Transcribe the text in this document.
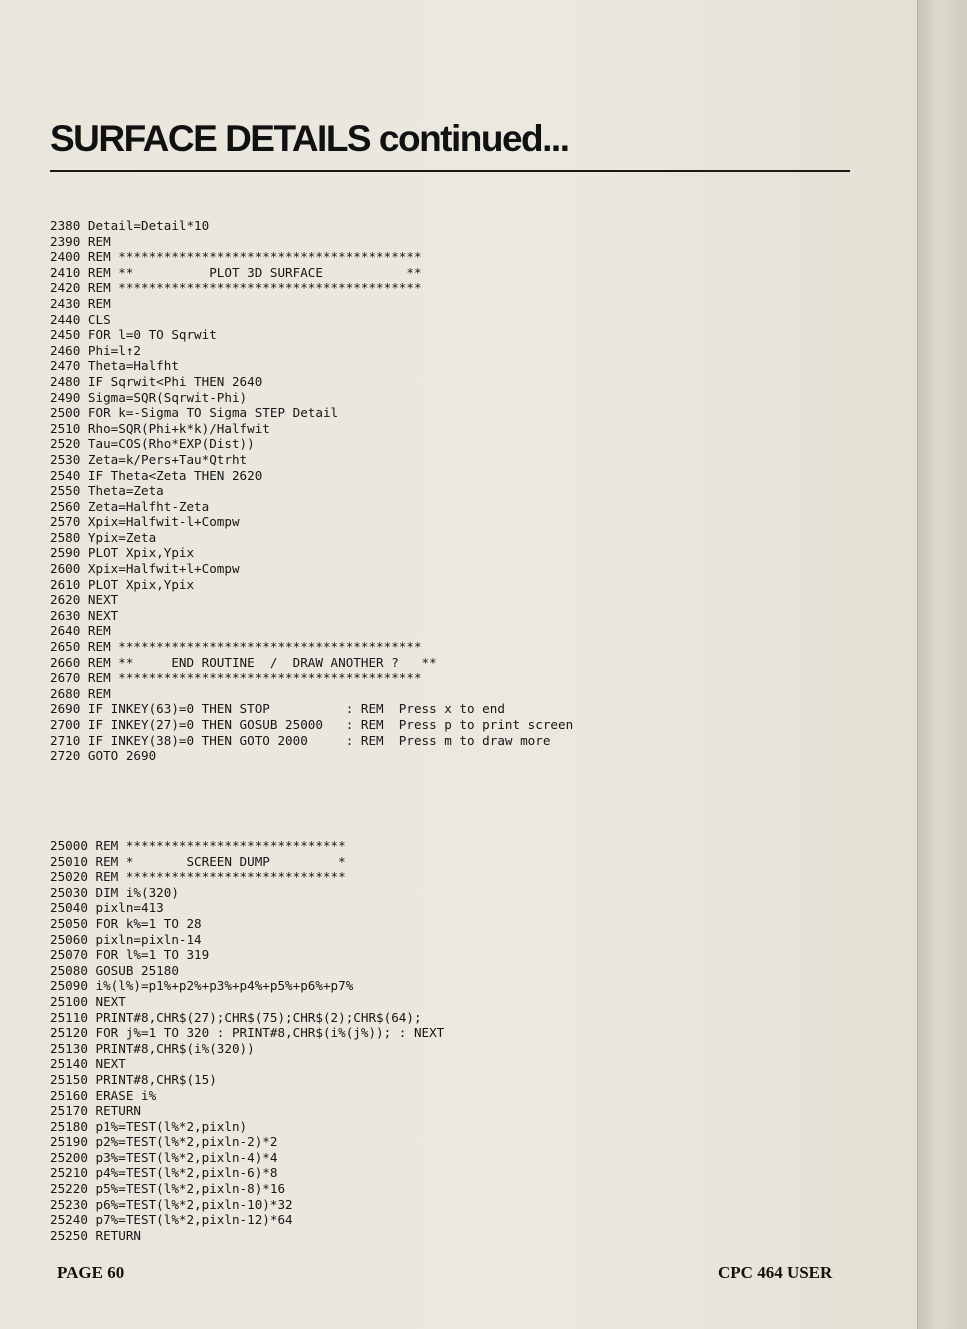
SURFACE DETAILS continued...
2380 Detail=Detail*10
2390 REM
2400 REM ****************************************
2410 REM **          PLOT 3D SURFACE           **
2420 REM ****************************************
2430 REM
2440 CLS
2450 FOR l=0 TO Sqrwit
2460 Phi=l↑2
2470 Theta=Halfht
2480 IF Sqrwit<Phi THEN 2640
2490 Sigma=SQR(Sqrwit-Phi)
2500 FOR k=-Sigma TO Sigma STEP Detail
2510 Rho=SQR(Phi+k*k)/Halfwit
2520 Tau=COS(Rho*EXP(Dist))
2530 Zeta=k/Pers+Tau*Qtrht
2540 IF Theta<Zeta THEN 2620
2550 Theta=Zeta
2560 Zeta=Halfht-Zeta
2570 Xpix=Halfwit-l+Compw
2580 Ypix=Zeta
2590 PLOT Xpix,Ypix
2600 Xpix=Halfwit+l+Compw
2610 PLOT Xpix,Ypix
2620 NEXT
2630 NEXT
2640 REM
2650 REM ****************************************
2660 REM **     END ROUTINE  /  DRAW ANOTHER ?   **
2670 REM ****************************************
2680 REM
2690 IF INKEY(63)=0 THEN STOP          : REM  Press x to end
2700 IF INKEY(27)=0 THEN GOSUB 25000   : REM  Press p to print screen
2710 IF INKEY(38)=0 THEN GOTO 2000     : REM  Press m to draw more
2720 GOTO 2690
25000 REM *****************************
25010 REM *       SCREEN DUMP         *
25020 REM *****************************
25030 DIM i%(320)
25040 pixln=413
25050 FOR k%=1 TO 28
25060 pixln=pixln-14
25070 FOR l%=1 TO 319
25080 GOSUB 25180
25090 i%(l%)=p1%+p2%+p3%+p4%+p5%+p6%+p7%
25100 NEXT
25110 PRINT#8,CHR$(27);CHR$(75);CHR$(2);CHR$(64);
25120 FOR j%=1 TO 320 : PRINT#8,CHR$(i%(j%)); : NEXT
25130 PRINT#8,CHR$(i%(320))
25140 NEXT
25150 PRINT#8,CHR$(15)
25160 ERASE i%
25170 RETURN
25180 p1%=TEST(l%*2,pixln)
25190 p2%=TEST(l%*2,pixln-2)*2
25200 p3%=TEST(l%*2,pixln-4)*4
25210 p4%=TEST(l%*2,pixln-6)*8
25220 p5%=TEST(l%*2,pixln-8)*16
25230 p6%=TEST(l%*2,pixln-10)*32
25240 p7%=TEST(l%*2,pixln-12)*64
25250 RETURN
PAGE 60	CPC 464 USER
